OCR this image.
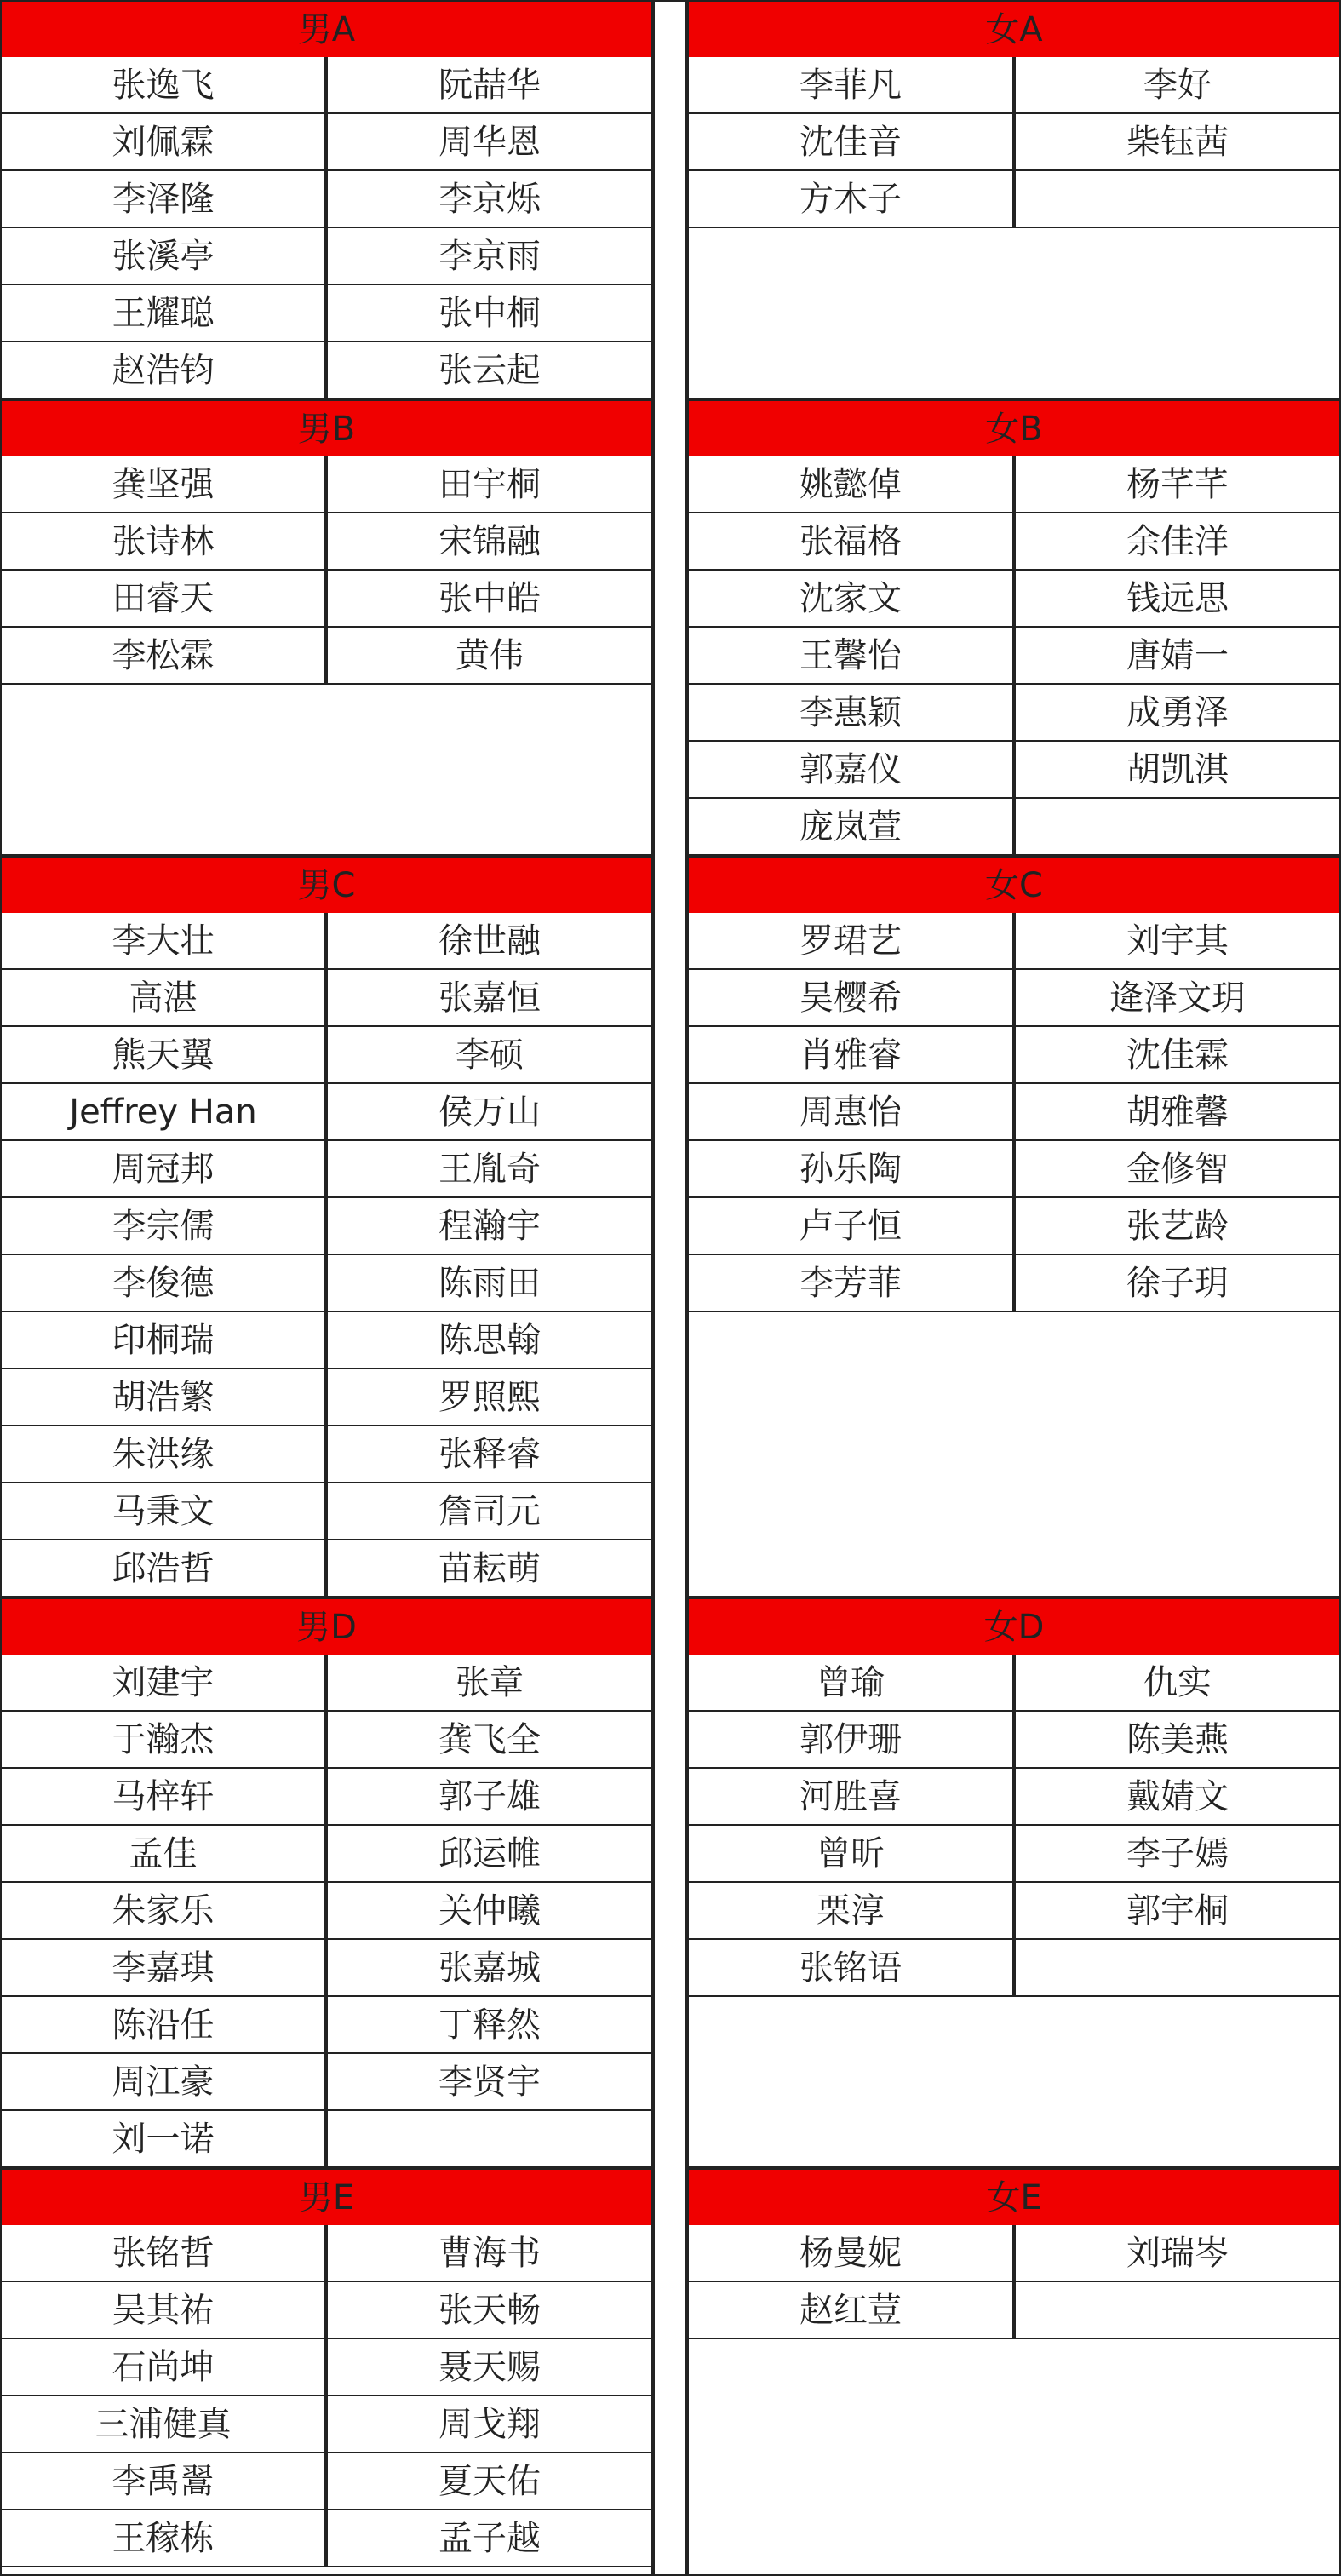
男A
张逸飞	阮喆华
刘佩霖	周华恩
李泽隆	李京烁
张溪亭	李京雨
王耀聪	张中桐
赵浩钧	张云起
女A
李菲凡	李好
沈佳音	柴钰茜
方木子
男B
龚坚强	田宇桐
张诗林	宋锦融
田睿天	张中皓
李松霖	黄伟
女B
姚懿倬	杨芊芊
张福格	余佳洋
沈家文	钱远思
王馨怡	唐婧一
李惠颖	成勇泽
郭嘉仪	胡凯淇
庞岚萱
男C
李大壮	徐世融
高湛	张嘉恒
熊天翼	李硕
Jeffrey Han	侯万山
周冠邦	王胤奇
李宗儒	程瀚宇
李俊德	陈雨田
印桐瑞	陈思翰
胡浩繁	罗照熙
朱洪缘	张释睿
马秉文	詹司元
邱浩哲	苗耘萌
女C
罗珺艺	刘宇其
吴樱希	逄泽文玥
肖雅睿	沈佳霖
周惠怡	胡雅馨
孙乐陶	金修智
卢子恒	张艺龄
李芳菲	徐子玥
男D
刘建宇	张章
于瀚杰	龚飞全
马梓轩	郭子雄
孟佳	邱运帷
朱家乐	关仲曦
李嘉琪	张嘉城
陈沿任	丁释然
周江豪	李贤宇
刘一诺
女D
曾瑜	仇实
郭伊珊	陈美燕
河胜喜	戴婧文
曾昕	李子嫣
栗淳	郭宇桐
张铭语
男E
张铭哲	曹海书
吴其祐	张天畅
石尚坤	聂天赐
三浦健真	周戈翔
李禹翯	夏天佑
王稼栋	孟子越
女E
杨曼妮	刘瑞岑
赵红荳
